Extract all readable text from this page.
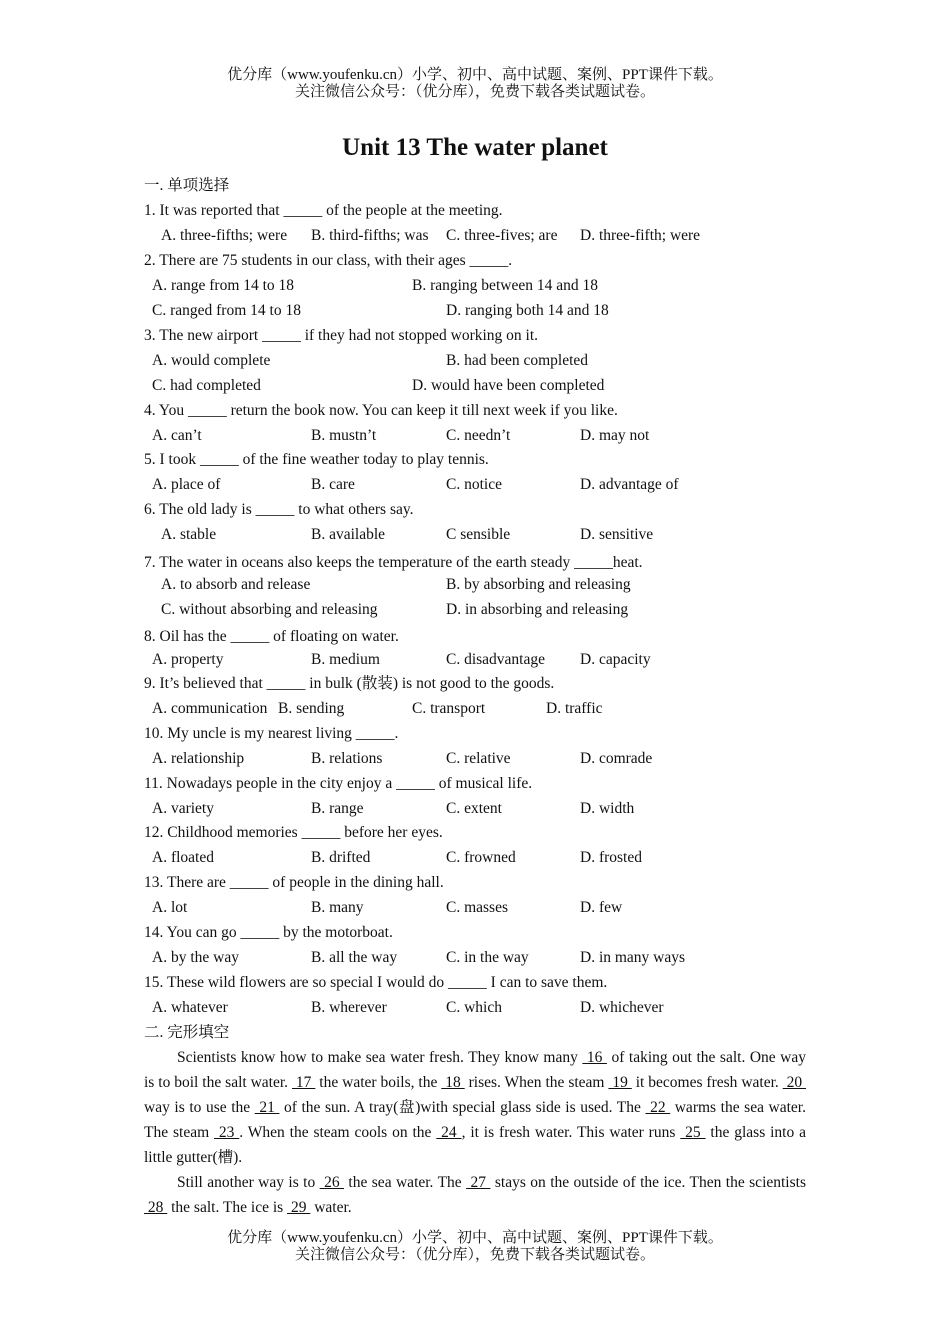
优分库（www.youfenku.cn）小学、初中、高中试题、案例、PPT课件下载。
关注微信公众号：（优分库），免费下载各类试题试卷。
Unit 13 The water planet
一. 单项选择
1. It was reported that _____ of the people at the meeting.
A. three-fifths; were B. third-fifths; was C. three-fives; are D. three-fifth; were
2. There are 75 students in our class, with their ages _____.
A. range from 14 to 18	B. ranging between 14 and 18
C. ranged from 14 to 18	D. ranging both 14 and 18
3. The new airport _____ if they had not stopped working on it.
A. would complete	B. had been completed
C. had completed	D. would have been completed
4. You _____ return the book now. You can keep it till next week if you like.
A. can’t	B. mustn’t	C. needn’t	D. may not
5. I took _____ of the fine weather today to play tennis.
A. place of	B. care	C. notice	D. advantage of
6. The old lady is _____ to what others say.
A. stable	B. available	C sensible	D. sensitive
7. The water in oceans also keeps the temperature of the earth steady _____heat.
A. to absorb and release	B. by absorbing and releasing
C. without absorbing and releasing	D. in absorbing and releasing
8. Oil has the _____ of floating on water.
A. property	B. medium	C. disadvantage D. capacity
9. It’s believed that _____ in bulk (散装) is not good to the goods.
A. communication B. sending	C. transport	D. traffic
10. My uncle is my nearest living _____.
A. relationship	B. relations	C. relative	D. comrade
11. Nowadays people in the city enjoy a _____ of musical life.
A. variety	B. range	C. extent	D. width
12. Childhood memories _____ before her eyes.
A. floated	B. drifted	C. frowned	D. frosted
13. There are _____ of people in the dining hall.
A. lot	B. many	C. masses	D. few
14. You can go _____ by the motorboat.
A. by the way	B. all the way	C. in the way	D. in many ways
15. These wild flowers are so special I would do _____ I can to save them.
A. whatever	B. wherever	C. which	D. whichever
二. 完形填空
Scientists know how to make sea water fresh. They know many  16  of taking out the salt. One way is to boil the salt water.  17  the water boils, the  18  rises. When the steam  19  it becomes fresh water.  20  way is to use the  21  of the sun. A tray(盘)with special glass side is used. The  22  warms the sea water. The steam  23 . When the steam cools on the  24 , it is fresh water. This water runs  25  the glass into a little gutter(槽).
Still another way is to  26  the sea water. The  27  stays on the outside of the ice. Then the scientists  28  the salt. The ice is  29  water.
优分库（www.youfenku.cn）小学、初中、高中试题、案例、PPT课件下载。
关注微信公众号：（优分库），免费下载各类试题试卷。
